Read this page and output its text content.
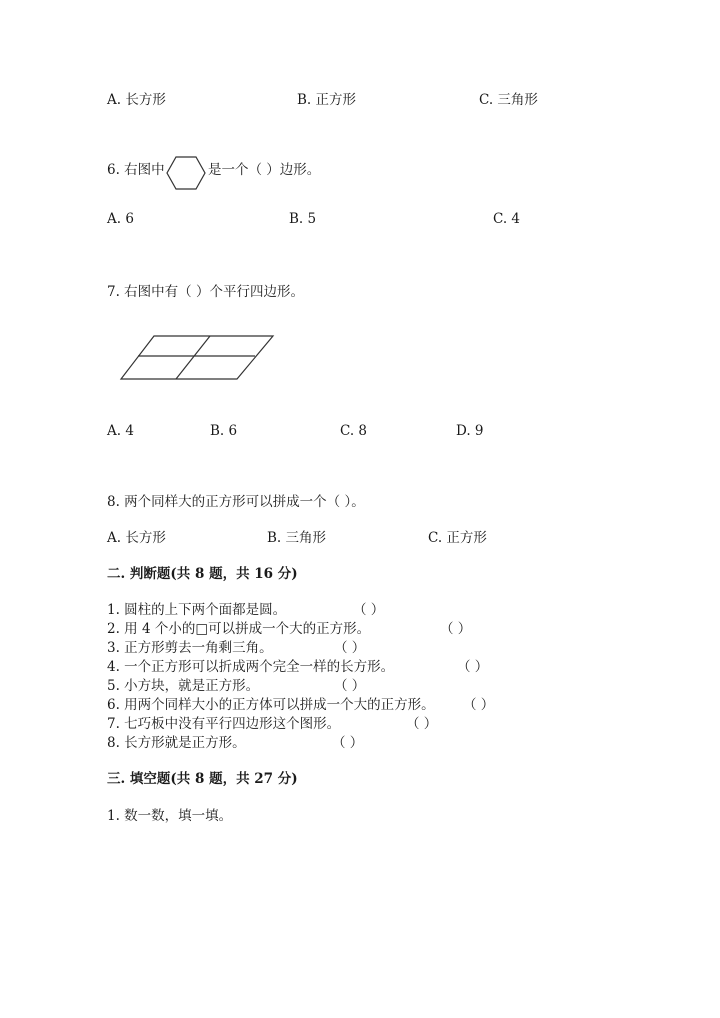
A. 长方形	B. 正方形	C. 三角形
6. 右图中	是一个（ ）边形。
A. 6	B. 5	C. 4
7. 右图中有（ ）个平行四边形。
A. 4	B. 6	C. 8	D. 9
8. 两个同样大的正方形可以拼成一个（ ）。
A. 长方形	B. 三角形	C. 正方形
二. 判断题(共 8 题，共 16 分)
1. 圆柱的上下两个面都是圆。	（ ）
2. 用 4 个小的□可以拼成一个大的正方形。	（ ）
3. 正方形剪去一角剩三角。	（ ）
4. 一个正方形可以折成两个完全一样的长方形。	（ ）
5. 小方块，就是正方形。	（ ）
6. 用两个同样大小的正方体可以拼成一个大的正方形。 （ ）
7. 七巧板中没有平行四边形这个图形。	（ ）
8. 长方形就是正方形。	（ ）
三. 填空题(共 8 题，共 27 分)
1. 数一数，填一填。
